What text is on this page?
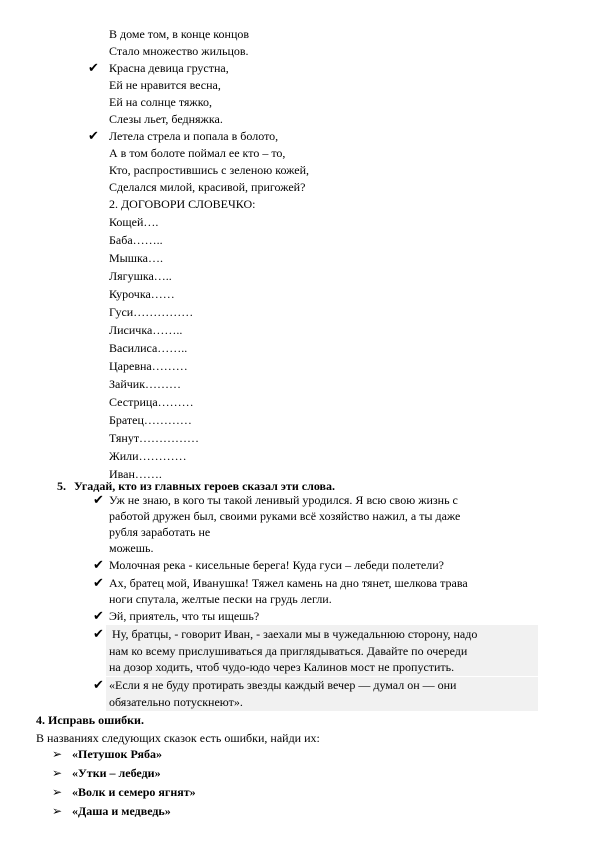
В доме том, в конце концов
Стало множество жильцов.
✔ Красна девица грустна,
Ей не нравится весна,
Ей на солнце тяжко,
Слезы льет, бедняжка.
✔ Летела стрела и попала в болото,
А в том болоте поймал ее кто – то,
Кто, распростившись с зеленою кожей,
Сделался милой, красивой, пригожей?
2. ДОГОВОРИ СЛОВЕЧКО:
Кощей….
Баба……..
Мышка….
Лягушка…..
Курочка……
Гуси……………
Лисичка……..
Василиса……..
Царевна………
Зайчик………
Сестрица………
Братец…………
Тянут……………
Жили…………
Иван…….
5. Угадай, кто из главных героев сказал эти слова.
✔ Уж не знаю, в кого ты такой ленивый уродился. Я всю свою жизнь с
работой дружен был, своими руками всё хозяйство нажил, а ты даже
рубля заработать не
можешь.
✔ Молочная река - кисельные берега! Куда гуси – лебеди полетели?
✔ Ах, братец мой, Иванушка! Тяжел камень на дно тянет, шелкова трава
ноги спутала, желтые пески на грудь легли.
✔ Эй, приятель, что ты ищешь?
✔ Ну, братцы, - говорит Иван, - заехали мы в чужедальнюю сторону, надо
нам ко всему прислушиваться да приглядываться. Давайте по очереди
на дозор ходить, чтоб чудо-юдо через Калинов мост не пропустить.
✔ «Если я не буду протирать звезды каждый вечер — думал он — они
обязательно потускнеют».
4. Исправь ошибки.
В названиях следующих сказок есть ошибки, найди их:
➢ «Петушок Ряба»
➢ «Утки – лебеди»
➢ «Волк и семеро ягнят»
➢ «Даша и медведь»
